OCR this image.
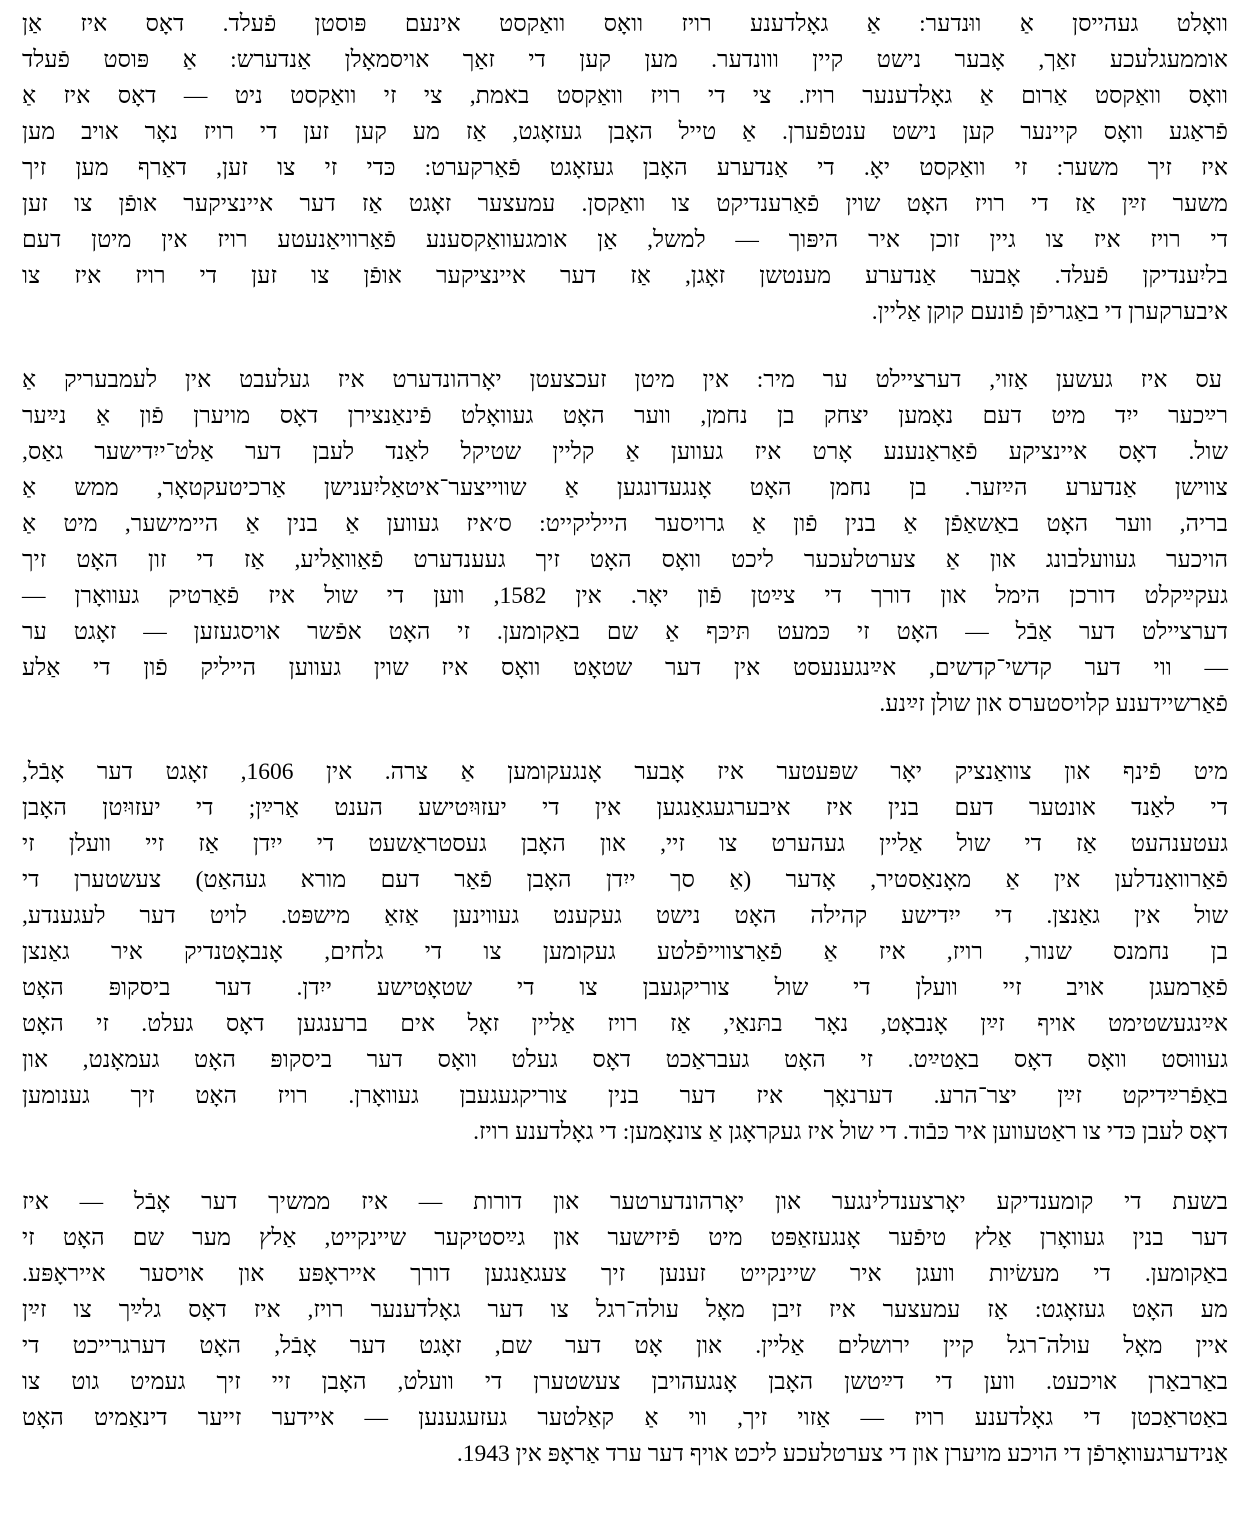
וואָלט געהייסן אַ ווּנדער: אַ גאָלדענע רויז וואָס וואַקסט אינעם פּוסטן פֿעלד. דאָס איז אַן
אוממעגלעכע זאַך, אָבער נישט קיין ווונדער. מען קען די זאַך אויסמאָלן אַנדערש: אַ פּוסט פֿעלד
וואָס וואַקסט אַרום אַ גאָלדענער רויז. צי די רויז וואַקסט באמת, צי זי וואַקסט ניט — דאָס איז אַ
פֿראַגע וואָס קיינער קען נישט ענטפֿערן. אַ טייל האָבן געזאָגט, אַז מע קען זען די רויז נאָר אויב מען
איז זיך משער: זי וואַקסט יאָ. די אַנדערע האָבן געזאָגט פֿאַרקערט: כּדי זי צו זען, דאַרף מען זיך
משער זײַן אַז די רויז האָט שוין פֿאַרענדיקט צו וואַקסן. עמעצער זאָגט אַז דער איינציקער אופֿן צו זען
די רויז איז צו גיין זוכן איר היפּוך — למשל, אַן אומגעוואַקסענע פֿאַרוויאַנעטע רויז אין מיטן דעם
בליִענדיקן פֿעלד. אָבער אַנדערע מענטשן זאָגן, אַז דער איינציקער אופֿן צו זען די רויז איז צו
איבערקערן די באַגריפֿן פֿונעם קוקן אַליין.
עס איז געשען אַזוי, דערציילט ער מיר: אין מיטן זעכצעטן יאָרהונדערט איז געלעבט אין לעמבעריק אַ
רײַכער ייִד מיט דעם נאָמען יצחק בן נחמן, ווער האָט געוואָלט פֿינאַנצירן דאָס מויערן פֿון אַ נײַער
שול. דאָס איינציקע פֿאַראַנענע אָרט איז געווען אַ קליין שטיקל לאַנד לעבן דער אַלט־ייִדישער גאַס,
צווישן אַנדערע הײַזער. בן נחמן האָט אָנגעדונגען אַ שווייצער־איטאַליִענישן אַרכיטעקטאָר, ממש אַ
בריה, ווער האָט באַשאַפֿן אַ בנין פֿון אַ גרויסער הייליקייט: ס׳איז געווען אַ בנין אַ היימישער, מיט אַ
הויכער געוועלבונג און אַ צערטלעכער ליכט וואָס האָט זיך געענדערט פֿאַוואַליע, אַז די זון האָט זיך
געקײַקלט דורכן הימל און דורך די צײַטן פֿון יאָר. אין 1582, ווען די שול איז פֿאַרטיק געוואָרן —
דערציילט דער אַבֿל — האָט זי כּמעט תּיכּף אַ שם באַקומען. זי האָט אפֿשר אויסגעזען — זאָגט ער
— ווי דער קדשי־קדשים, אײַנגענעסט אין דער שטאָט וואָס איז שוין געווען הייליק פֿון די אַלע
פֿאַרשיידענע קלויסטערס און שולן זײַנע.
מיט פֿינף און צוואַנציק יאָר שפּעטער איז אָבער אָנגעקומען אַ צרה. אין 1606, זאָגט דער אָבֿל,
די לאַנד אונטער דעם בנין איז איבערגעגאַנגען אין די יעזוּיִטישע הענט אַרײַן; די יעזוּיִטן האָבן
געטענהעט אַז די שול אַליין געהערט צו זיי, און האָבן געסטראַשעט די ייִדן אַז זיי וועלן זי
פֿאַרוואַנדלען אין אַ מאָנאַסטיר, אָדער (אַ סך ייִדן האָבן פֿאַר דעם מורא געהאַט) צעשטערן די
שול אין גאַנצן. די ייִדישע קהילה האָט נישט געקענט געווינען אַזאַ מישפּט. לויט דער לעגענדע,
בן נחמנס שנור, רויז, איז אַ פֿאַרצווייפֿלטע געקומען צו די גלחים, אָנבאָטנדיק איר גאַנצן
פֿאַרמעגן אויב זיי וועלן די שול צוריקגעבן צו די שטאָטישע ייִדן. דער ביסקופּ האָט
אײַנגעשטימט אויף זײַן אָנבאָט, נאָר בתּנאַי, אַז רויז אַליין זאָל אים ברענגען דאָס געלט. זי האָט
געוווּסט וואָס דאָס באַטײַט. זי האָט געבראַכט דאָס געלט וואָס דער ביסקופּ האָט געמאָנט, און
באַפֿרײַדיקט זײַן יצר־הרע. דערנאָך איז דער בנין צוריקגעגעבן געוואָרן. רויז האָט זיך גענומען
דאָס לעבן כּדי צו ראַטעווען איר כּבֿוד. די שול איז געקראָגן אַ צונאָמען: די גאָלדענע רויז.
בשעת די קומענדיקע יאָרצענדלינגער און יאָרהונדערטער און דורות — איז ממשיך דער אָבֿל — איז
דער בנין געוואָרן אַלץ טיפֿער אָנגעזאַפּט מיט פֿיזישער און גײַסטיקער שיינקייט, אַלץ מער שם האָט זי
באַקומען. די מעשׂיות וועגן איר שיינקייט זענען זיך צעגאַנגען דורך אייראָפּע און אויסער אייראָפּע.
מע האָט געזאָגט: אַז עמעצער איז זיבן מאָל עולה־רגל צו דער גאָלדענער רויז, איז דאָס גלײַך צו זײַן
איין מאָל עולה־רגל קיין ירושלים אַליין. און אָט דער שם, זאָגט דער אָבֿל, האָט דערגרייכט די
באַרבאַרן אויכעט. ווען די דײַטשן האָבן אָנגעהויבן צעשטערן די וועלט, האָבן זיי זיך געמיט גוט צו
באַטראַכטן די גאָלדענע רויז — אַזוי זיך, ווי אַ קאַלטער געזעגענען — איידער זייער דינאַמיט האָט
אַנידערגעוואָרפֿן די הויכע מויערן און די צערטלעכע ליכט אויף דער ערד אַראָפּ אין 1943.
